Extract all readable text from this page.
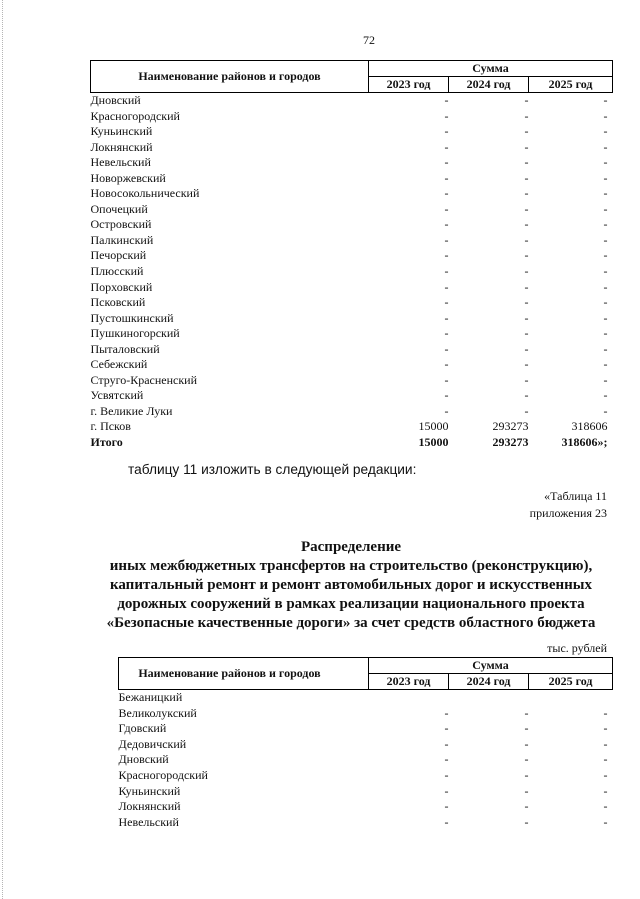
72
Наименование районов и городов	Сумма		
	2023 год	2024 год	2025 год
Дновский	-	-	-
Красногородский	-	-	-
Куньинский	-	-	-
Локнянский	-	-	-
Невельский	-	-	-
Новоржевский	-	-	-
Новосокольнический	-	-	-
Опочецкий	-	-	-
Островский	-	-	-
Палкинский	-	-	-
Печорский	-	-	-
Плюсский	-	-	-
Порховский	-	-	-
Псковский	-	-	-
Пустошкинский	-	-	-
Пушкиногорский	-	-	-
Пыталовский	-	-	-
Себежский	-	-	-
Струго-Красненский	-	-	-
Усвятский	-	-	-
г. Великие Луки	-	-	-
г. Псков	15000	293273	318606
Итого	15000	293273	318606»;
таблицу 11 изложить в следующей редакции:
«Таблица 11
приложения 23
Распределение
иных межбюджетных трансфертов на строительство (реконструкцию),
капитальный ремонт и ремонт автомобильных дорог и искусственных
дорожных сооружений в рамках реализации национального проекта
«Безопасные качественные дороги» за счет средств областного бюджета
тыс. рублей
Наименование районов и городов	Сумма		
	2023 год	2024 год	2025 год
Бежаницкий			
Великолукский	-	-	-
Гдовский	-	-	-
Дедовичский	-	-	-
Дновский	-	-	-
Красногородский	-	-	-
Куньинский	-	-	-
Локнянский	-	-	-
Невельский	-	-	-
